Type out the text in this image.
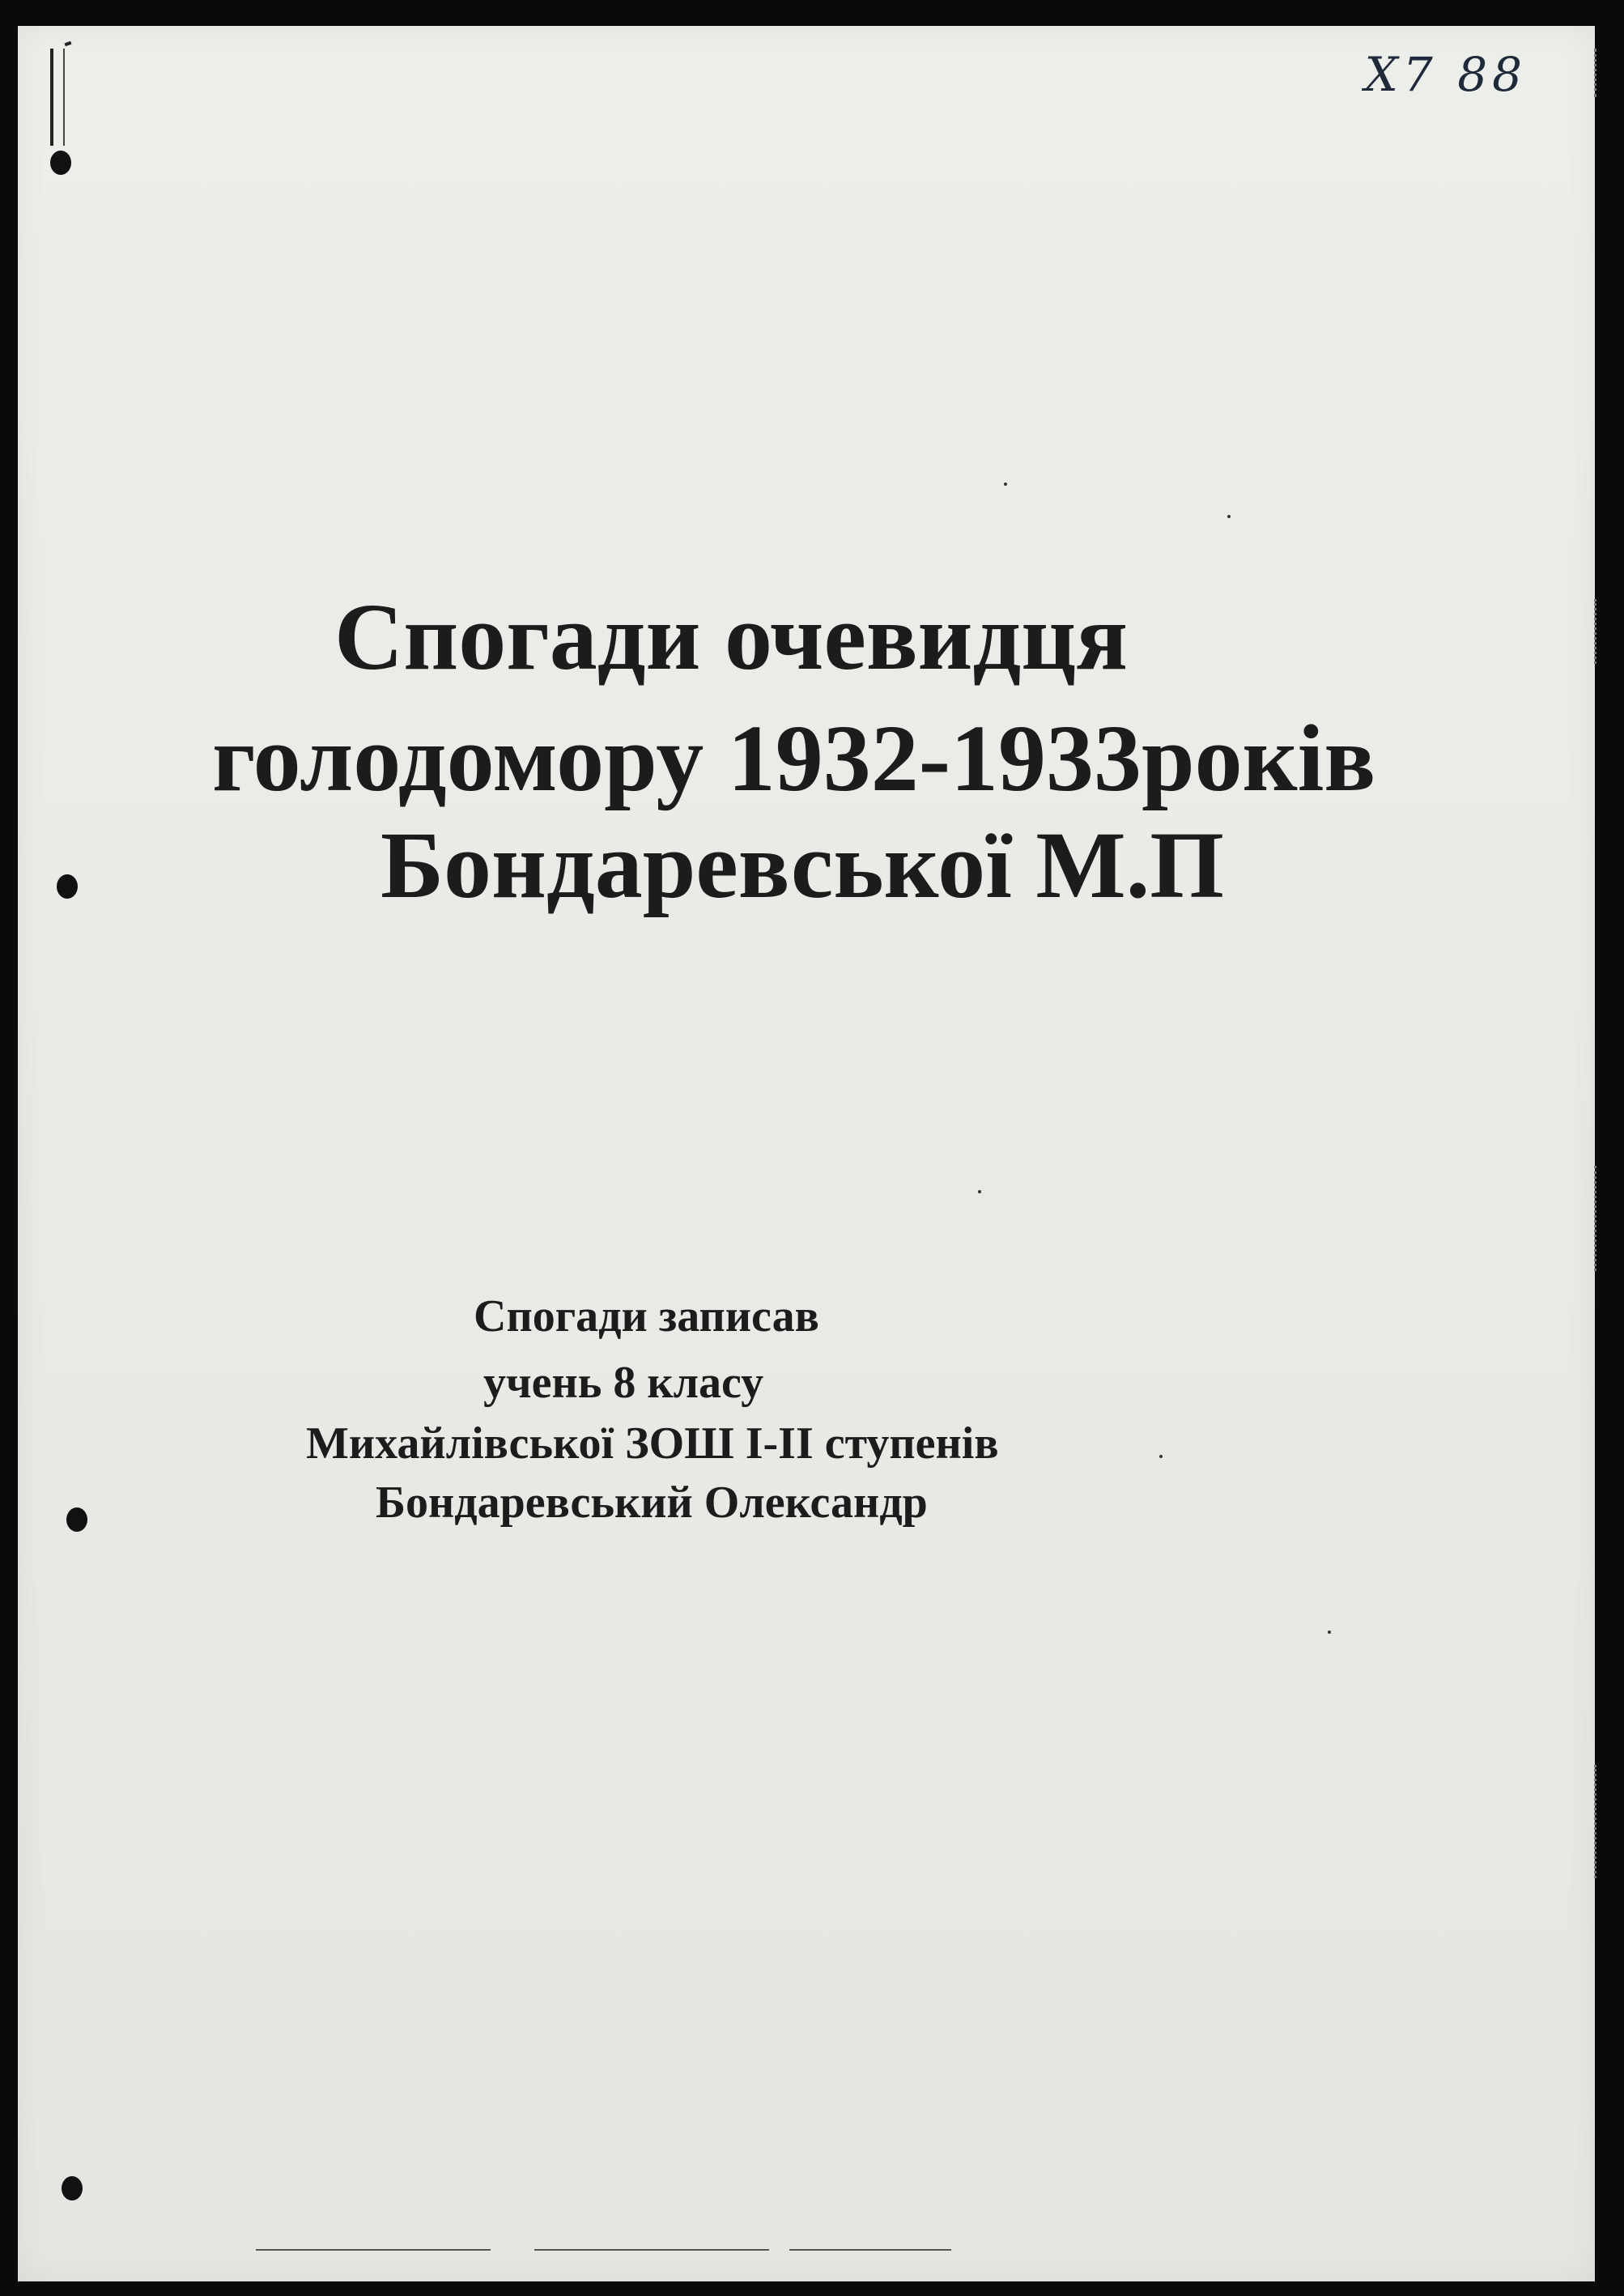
X7 88
Спогади очевидця
голодомору 1932-1933років
Бондаревської М.П
Спогади записав
учень 8 класу
Михайлівської ЗОШ І-ІІ ступенів
Бондаревський Олександр
